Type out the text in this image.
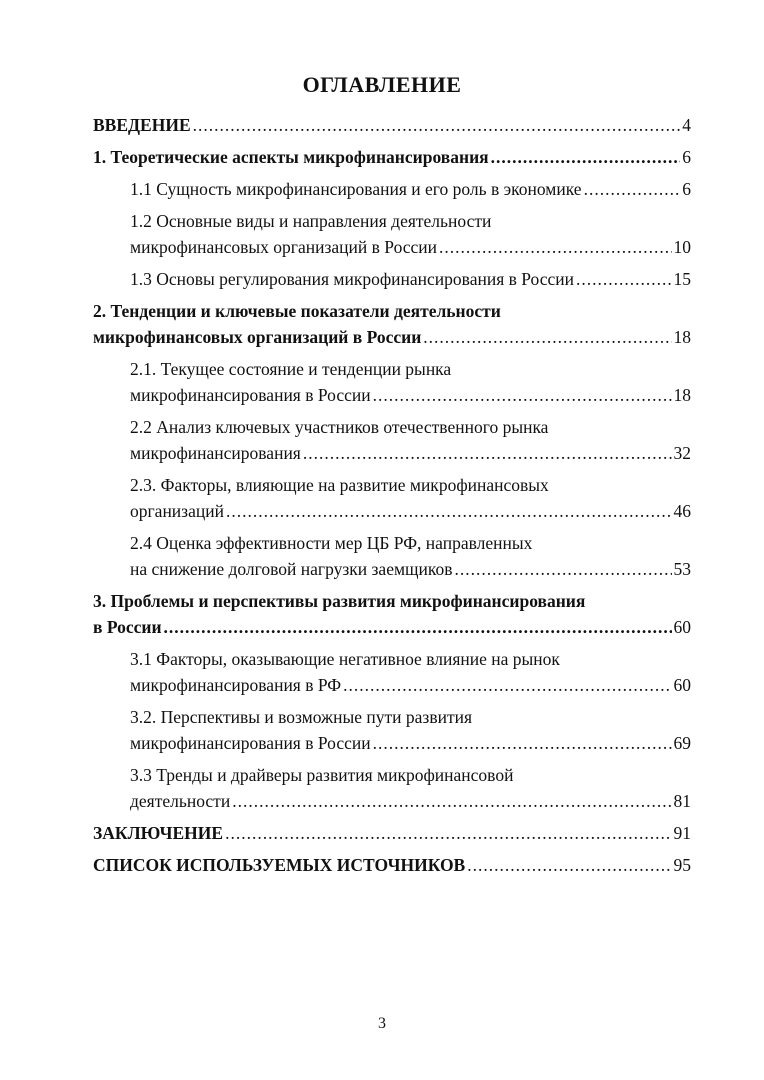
ОГЛАВЛЕНИЕ
ВВЕДЕНИЕ .....	4
1. Теоретические аспекты микрофинансирования .....	6
1.1 Сущность микрофинансирования и его роль в экономике .....	6
1.2 Основные виды и направления деятельности
микрофинансовых организаций в России .....	10
1.3 Основы регулирования микрофинансирования в России .....	15
2. Тенденции и ключевые показатели деятельности
микрофинансовых организаций в России .....	18
2.1. Текущее состояние и тенденции рынка
микрофинансирования в России .....	18
2.2 Анализ ключевых участников отечественного рынка
микрофинансирования .....	32
2.3. Факторы, влияющие на развитие микрофинансовых
организаций .....	46
2.4 Оценка эффективности мер ЦБ РФ, направленных
на снижение долговой нагрузки заемщиков .....	53
3. Проблемы и перспективы развития микрофинансирования
в России .....	60
3.1 Факторы, оказывающие негативное влияние на рынок
микрофинансирования в РФ .....	60
3.2. Перспективы и возможные пути развития
микрофинансирования в России .....	69
3.3 Тренды и драйверы развития микрофинансовой
деятельности .....	81
ЗАКЛЮЧЕНИЕ .....	91
СПИСОК ИСПОЛЬЗУЕМЫХ ИСТОЧНИКОВ .....	95
3
